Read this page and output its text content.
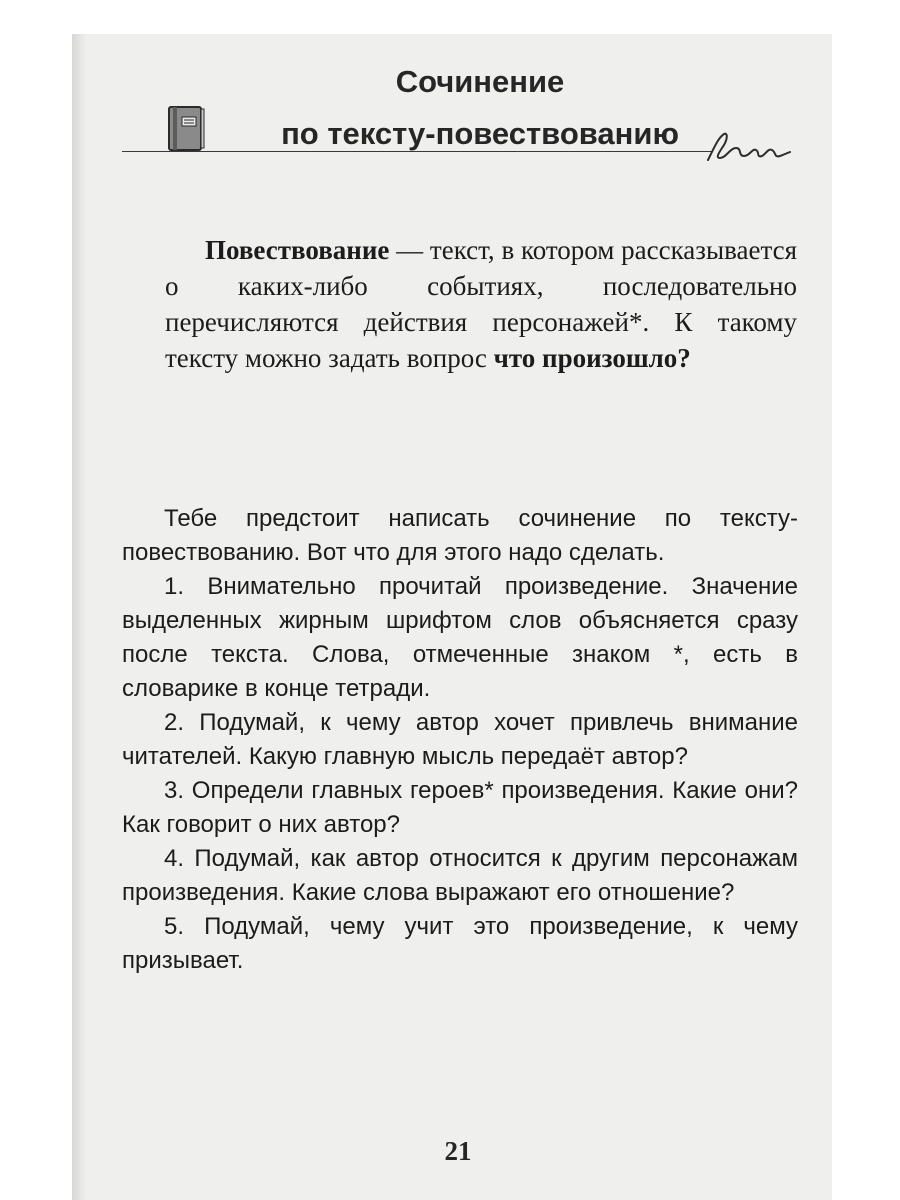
Сочинение
по тексту-повествованию

Повествование — текст, в котором рассказывается о каких-либо событиях, последовательно перечисляются действия персонажей*. К такому тексту можно задать вопрос что произошло?

Тебе предстоит написать сочинение по тексту-повествованию. Вот что для этого надо сделать.

1. Внимательно прочитай произведение. Значение выделенных жирным шрифтом слов объясняется сразу после текста. Слова, отмеченные знаком *, есть в словарике в конце тетради.
2. Подумай, к чему автор хочет привлечь внимание читателей. Какую главную мысль передаёт автор?
3. Определи главных героев* произведения. Какие они? Как говорит о них автор?
4. Подумай, как автор относится к другим персонажам произведения. Какие слова выражают его отношение?
5. Подумай, чему учит это произведение, к чему призывает.
21
